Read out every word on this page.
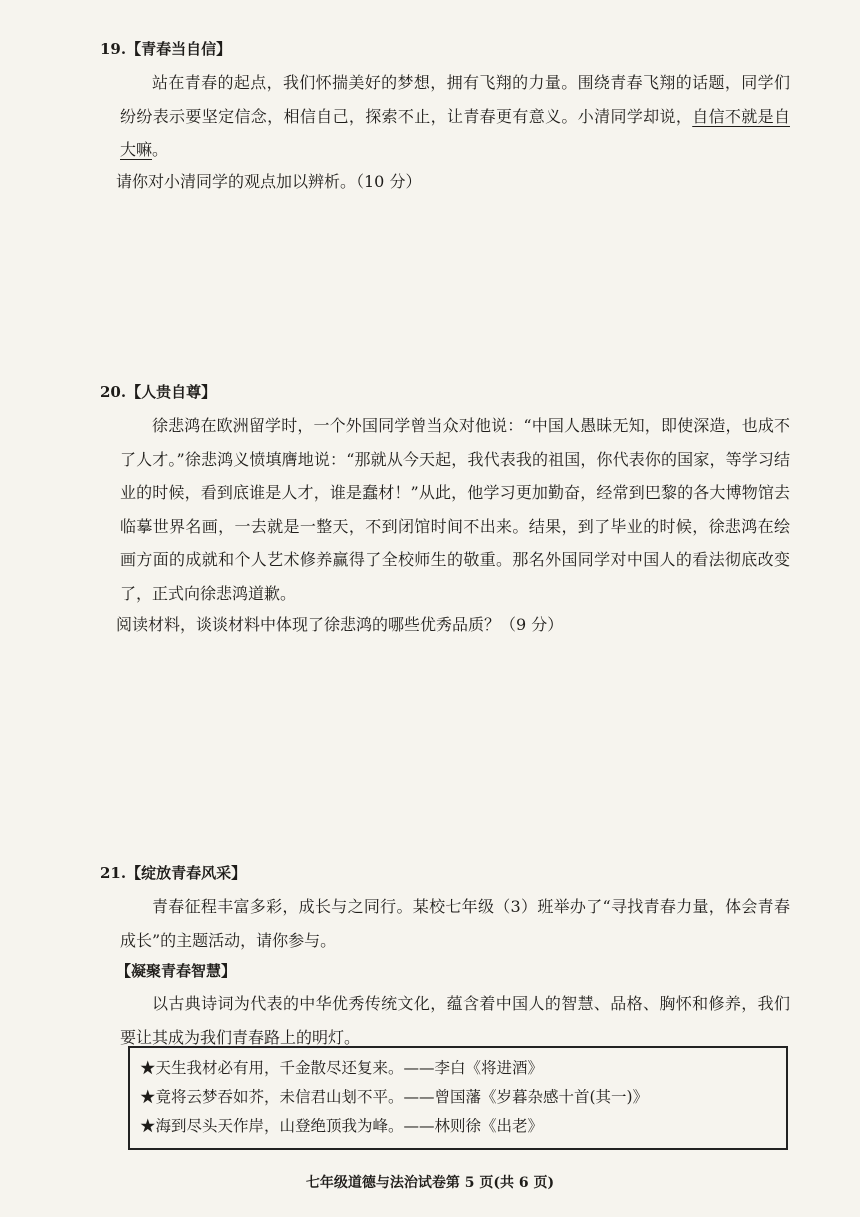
19.【青春当自信】

站在青春的起点，我们怀揣美好的梦想，拥有飞翔的力量。围绕青春飞翔的话题，同学们纷纷表示要坚定信念，相信自己，探索不止，让青春更有意义。小清同学却说，自信不就是自大嘛。

请你对小清同学的观点加以辨析。（10 分）

20.【人贵自尊】

徐悲鸿在欧洲留学时，一个外国同学曾当众对他说：“中国人愚昧无知，即使深造，也成不了人才。”徐悲鸿义愤填膺地说：“那就从今天起，我代表我的祖国，你代表你的国家，等学习结业的时候，看到底谁是人才，谁是蠢材！”从此，他学习更加勤奋，经常到巴黎的各大博物馆去临摹世界名画，一去就是一整天，不到闭馆时间不出来。结果，到了毕业的时候，徐悲鸿在绘画方面的成就和个人艺术修养赢得了全校师生的敬重。那名外国同学对中国人的看法彻底改变了，正式向徐悲鸿道歉。

阅读材料，谈谈材料中体现了徐悲鸿的哪些优秀品质？（9 分）

21.【绽放青春风采】

青春征程丰富多彩，成长与之同行。某校七年级（3）班举办了“寻找青春力量，体会青春成长”的主题活动，请你参与。

【凝聚青春智慧】

以古典诗词为代表的中华优秀传统文化，蕴含着中国人的智慧、品格、胸怀和修养，我们要让其成为我们青春路上的明灯。

★天生我材必有用，千金散尽还复来。——李白《将进酒》
★竟将云梦吞如芥，未信君山刬不平。——曾国藩《岁暮杂感十首(其一)》
★海到尽头天作岸，山登绝顶我为峰。——林则徐《出老》
七年级道德与法治试卷第 5 页(共 6 页)
